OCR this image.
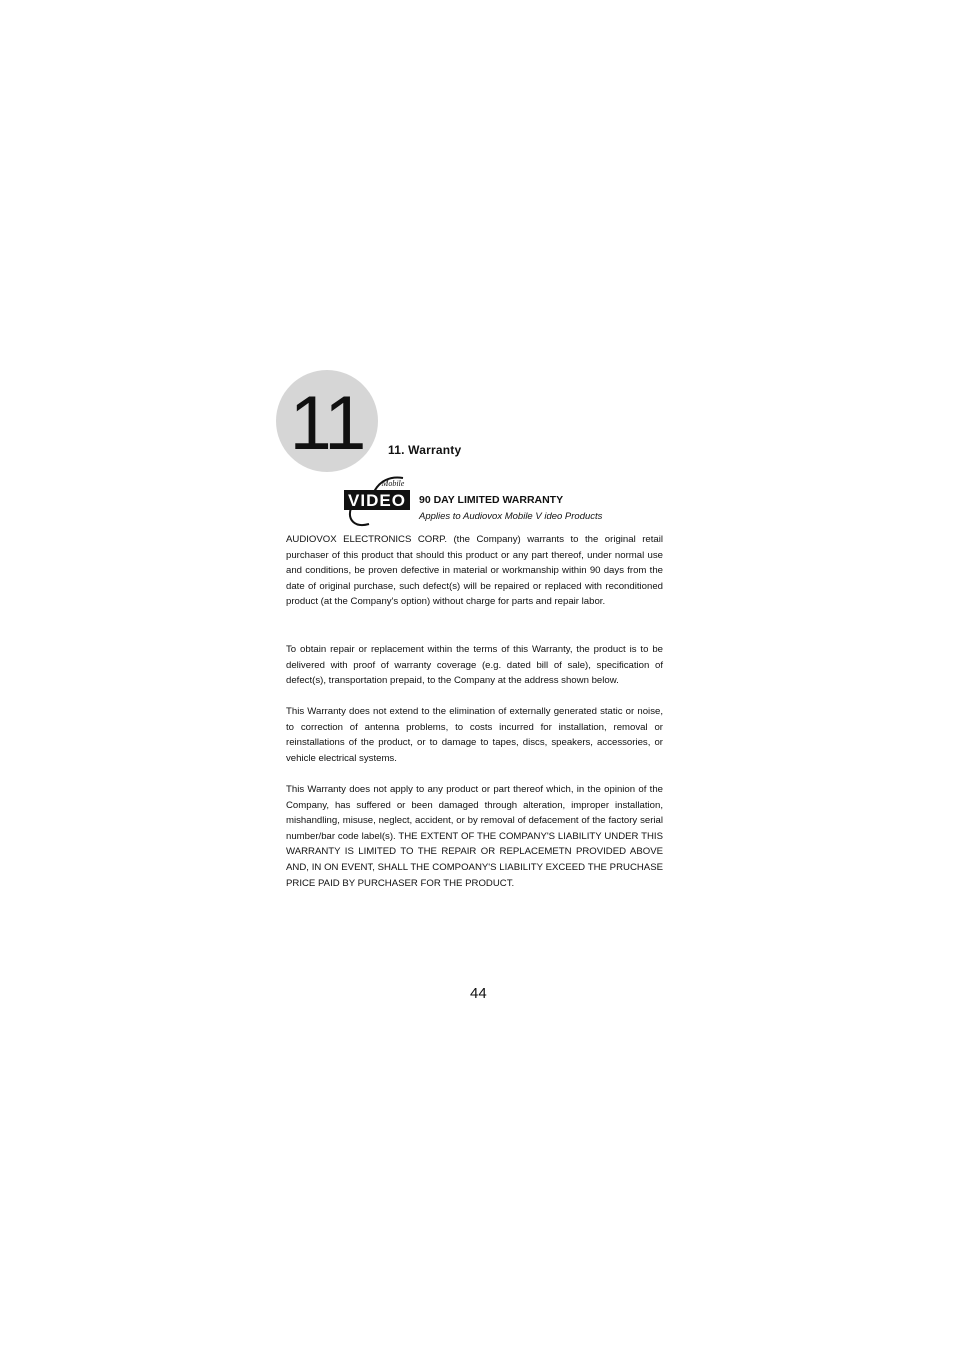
11	11. Warranty
VIDEO
Mobile
90 DAY LIMITED WARRANTY
Applies to Audiovox Mobile V ideo Products

AUDIOVOX ELECTRONICS CORP. (the Company) warrants to the original retail purchaser of this product that should this product or any part thereof, under normal use and conditions, be proven defective in material or workmanship within 90 days from the date of original purchase, such defect(s) will be repaired or replaced with reconditioned product (at the Company's option) without charge for parts and repair labor.

To obtain repair or replacement within the terms of this Warranty, the product is to be delivered with proof of warranty coverage (e.g. dated bill of sale), specification of defect(s), transportation prepaid, to the Company at the address shown below.

This Warranty does not extend to the elimination of externally generated static or noise, to correction of antenna problems, to costs incurred for installation, removal or reinstallations of the product, or to damage to tapes, discs, speakers, accessories, or vehicle electrical systems.

This Warranty does not apply to any product or part thereof which, in the opinion of the Company, has suffered or been damaged through alteration, improper installation, mishandling, misuse, neglect, accident, or by removal of defacement of the factory serial number/bar code label(s). THE EXTENT OF THE COMPANY'S LIABILITY UNDER THIS WARRANTY IS LIMITED TO THE REPAIR OR REPLACEMETN PROVIDED ABOVE AND, IN ON EVENT, SHALL THE COMPOANY'S LIABILITY EXCEED THE PRUCHASE PRICE PAID BY PURCHASER FOR THE PRODUCT.

44
